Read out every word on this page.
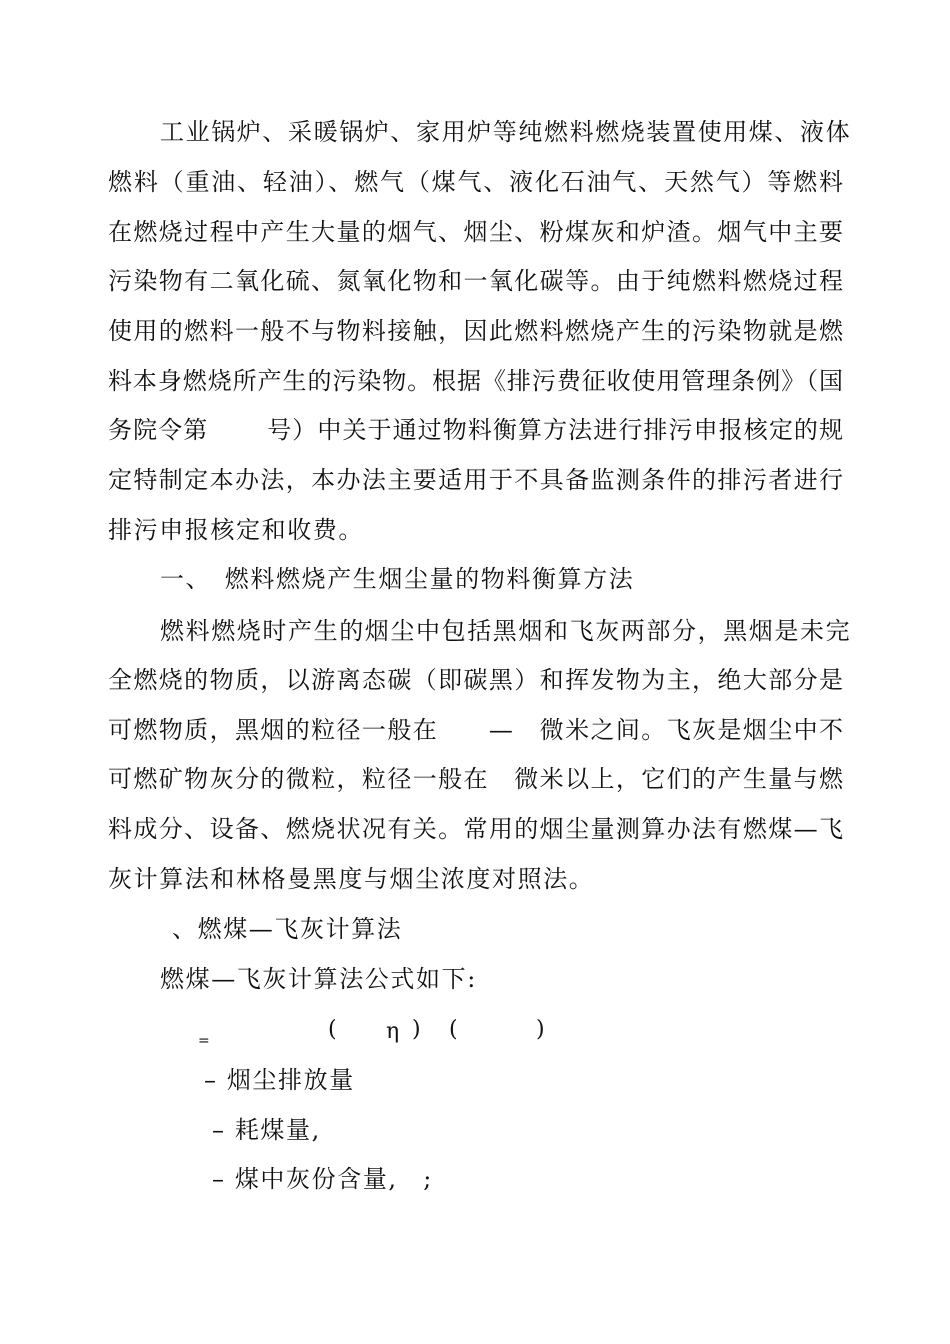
工业锅炉、采暖锅炉、家用炉等纯燃料燃烧装置使用煤、液体
燃料（重油、轻油）、燃气（煤气、液化石油气、天然气）等燃料
在燃烧过程中产生大量的烟气、烟尘、粉煤灰和炉渣。烟气中主要
污染物有二氧化硫、氮氧化物和一氧化碳等。由于纯燃料燃烧过程
使用的燃料一般不与物料接触，因此燃料燃烧产生的污染物就是燃
料本身燃烧所产生的污染物。根据《排污费征收使用管理条例》（国
务院令第　　 号）中关于通过物料衡算方法进行排污申报核定的规
定特制定本办法，本办法主要适用于不具备监测条件的排污者进行
排污申报核定和收费。
一、　燃料燃烧产生烟尘量的物料衡算方法
燃料燃烧时产生的烟尘中包括黑烟和飞灰两部分，黑烟是未完
全燃烧的物质，以游离态碳（即碳黑）和挥发物为主，绝大部分是
可燃物质，黑烟的粒径一般在　　—　微米之间。飞灰是烟尘中不
可燃矿物灰分的微粒，粒径一般在　微米以上，它们的产生量与燃
料成分、设备、燃烧状况有关。常用的烟尘量测算办法有燃煤—飞
灰计算法和林格曼黑度与烟尘浓度对照法。
、燃煤—飞灰计算法
燃煤—飞灰计算法公式如下:
=	( η ) (	)
– 烟尘排放量
– 耗煤量,
– 煤中灰份含量,　;
